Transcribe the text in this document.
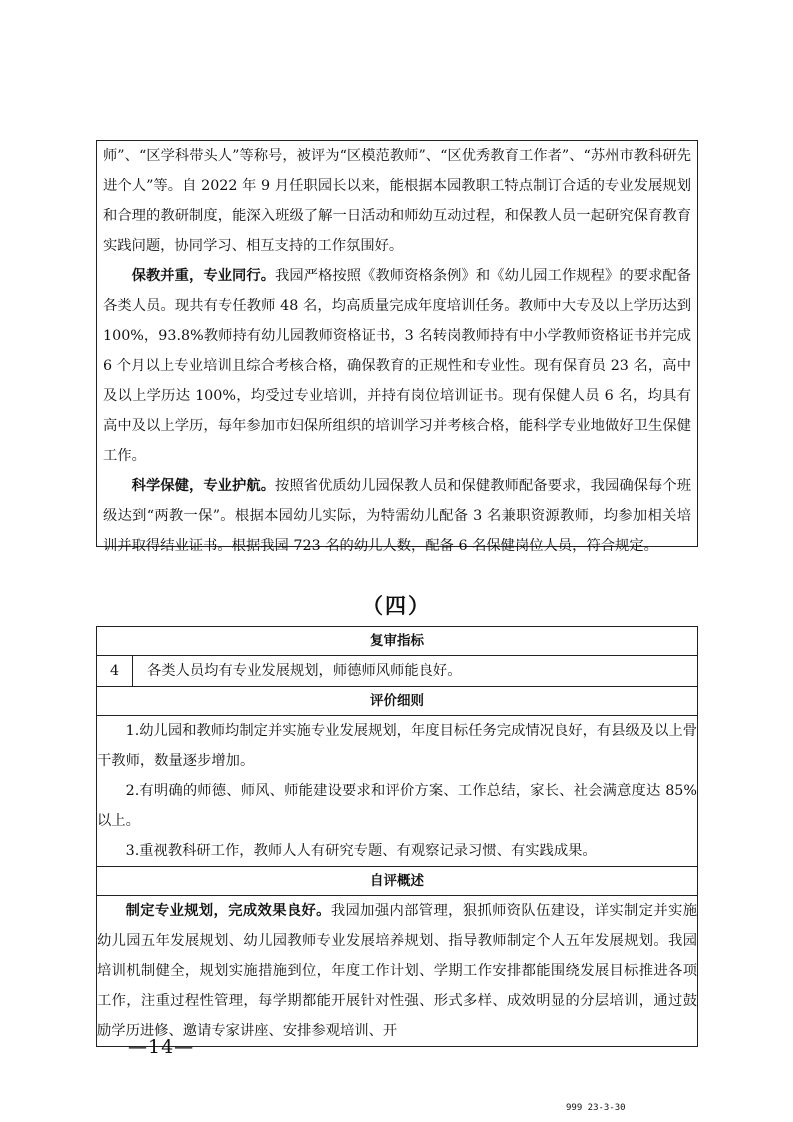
师”、“区学科带头人”等称号，被评为“区模范教师”、“区优秀教育工作者”、“苏州市教科研先进个人”等。自 2022 年 9 月任职园长以来，能根据本园教职工特点制订合适的专业发展规划和合理的教研制度，能深入班级了解一日活动和师幼互动过程，和保教人员一起研究保育教育实践问题，协同学习、相互支持的工作氛围好。

保教并重，专业同行。我园严格按照《教师资格条例》和《幼儿园工作规程》的要求配备各类人员。现共有专任教师 48 名，均高质量完成年度培训任务。教师中大专及以上学历达到 100%，93.8%教师持有幼儿园教师资格证书，3 名转岗教师持有中小学教师资格证书并完成 6 个月以上专业培训且综合考核合格，确保教育的正规性和专业性。现有保育员 23 名，高中及以上学历达 100%，均受过专业培训，并持有岗位培训证书。现有保健人员 6 名，均具有高中及以上学历，每年参加市妇保所组织的培训学习并考核合格，能科学专业地做好卫生保健工作。

科学保健，专业护航。按照省优质幼儿园保教人员和保健教师配备要求，我园确保每个班级达到“两教一保”。根据本园幼儿实际，为特需幼儿配备 3 名兼职资源教师，均参加相关培训并取得结业证书。根据我园 723 名的幼儿人数，配备 6 名保健岗位人员，符合规定。

（四）
复审指标
4	各类人员均有专业发展规划，师德师风师能良好。
评价细则

1.幼儿园和教师均制定并实施专业发展规划，年度目标任务完成情况良好，有县级及以上骨干教师，数量逐步增加。

2.有明确的师德、师风、师能建设要求和评价方案、工作总结，家长、社会满意度达 85%以上。

3.重视教科研工作，教师人人有研究专题、有观察记录习惯、有实践成果。

自评概述

制定专业规划，完成效果良好。我园加强内部管理，狠抓师资队伍建设，详实制定并实施幼儿园五年发展规划、幼儿园教师专业发展培养规划、指导教师制定个人五年发展规划。我园培训机制健全，规划实施措施到位，年度工作计划、学期工作安排都能围绕发展目标推进各项工作，注重过程性管理，每学期都能开展针对性强、形式多样、成效明显的分层培训，通过鼓励学历进修、邀请专家讲座、安排参观培训、开

—14—
999 23-3-30
